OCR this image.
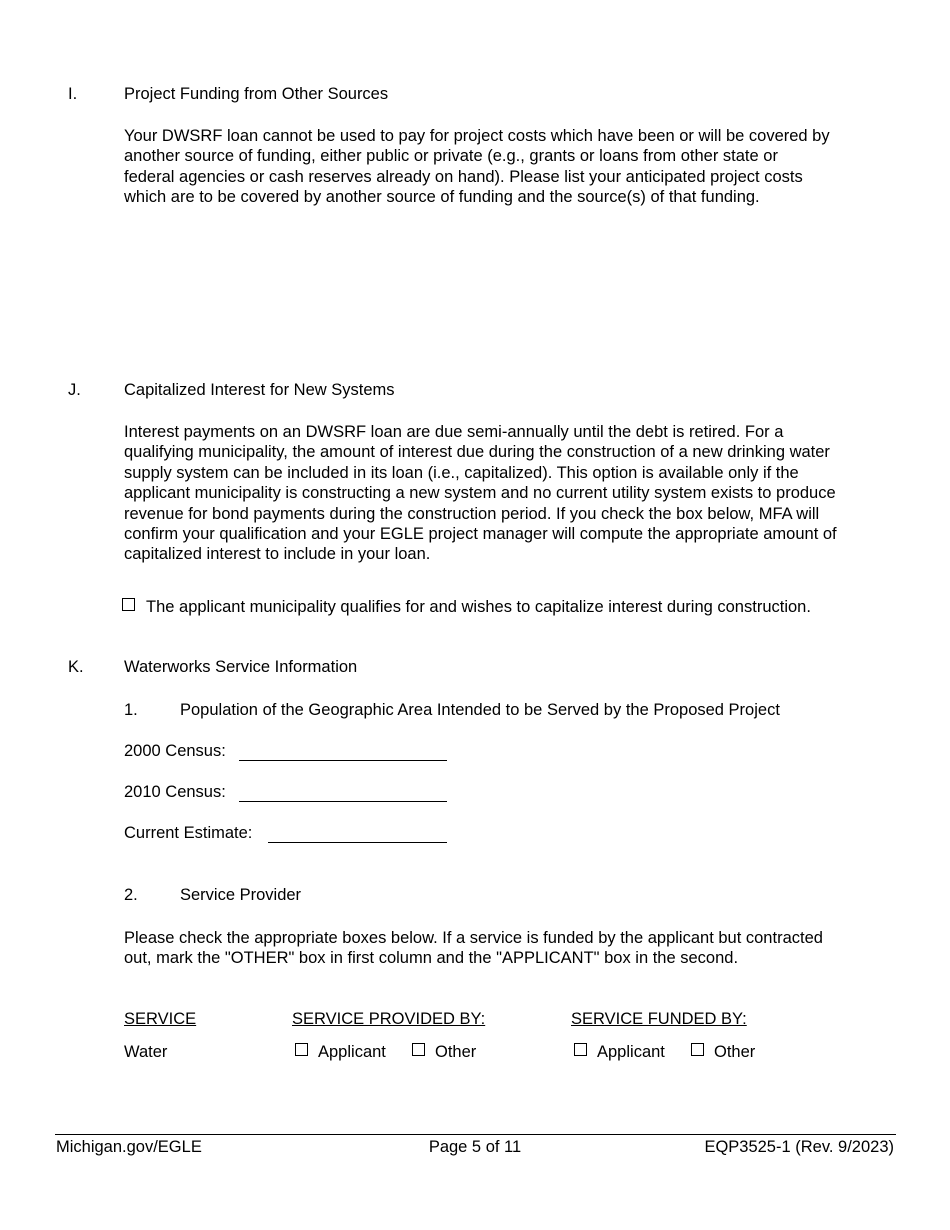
I.	Project Funding from Other Sources
Your DWSRF loan cannot be used to pay for project costs which have been or will be covered by
another source of funding, either public or private (e.g., grants or loans from other state or
federal agencies or cash reserves already on hand). Please list your anticipated project costs
which are to be covered by another source of funding and the source(s) of that funding.
J.	Capitalized Interest for New Systems
Interest payments on an DWSRF loan are due semi-annually until the debt is retired. For a
qualifying municipality, the amount of interest due during the construction of a new drinking water
supply system can be included in its loan (i.e., capitalized). This option is available only if the
applicant municipality is constructing a new system and no current utility system exists to produce
revenue for bond payments during the construction period. If you check the box below, MFA will
confirm your qualification and your EGLE project manager will compute the appropriate amount of
capitalized interest to include in your loan.
The applicant municipality qualifies for and wishes to capitalize interest during construction.
K. Waterworks Service Information
1.	Population of the Geographic Area Intended to be Served by the Proposed Project
2000 Census:
2010 Census:
Current Estimate:
2.	Service Provider
Please check the appropriate boxes below. If a service is funded by the applicant but contracted
out, mark the "OTHER" box in first column and the "APPLICANT" box in the second.
SERVICE	SERVICE PROVIDED BY:	SERVICE FUNDED BY:
Water	Applicant	Other	Applicant	Other
Michigan.gov/EGLE	Page 5 of 11	EQP3525-1 (Rev. 9/2023)
